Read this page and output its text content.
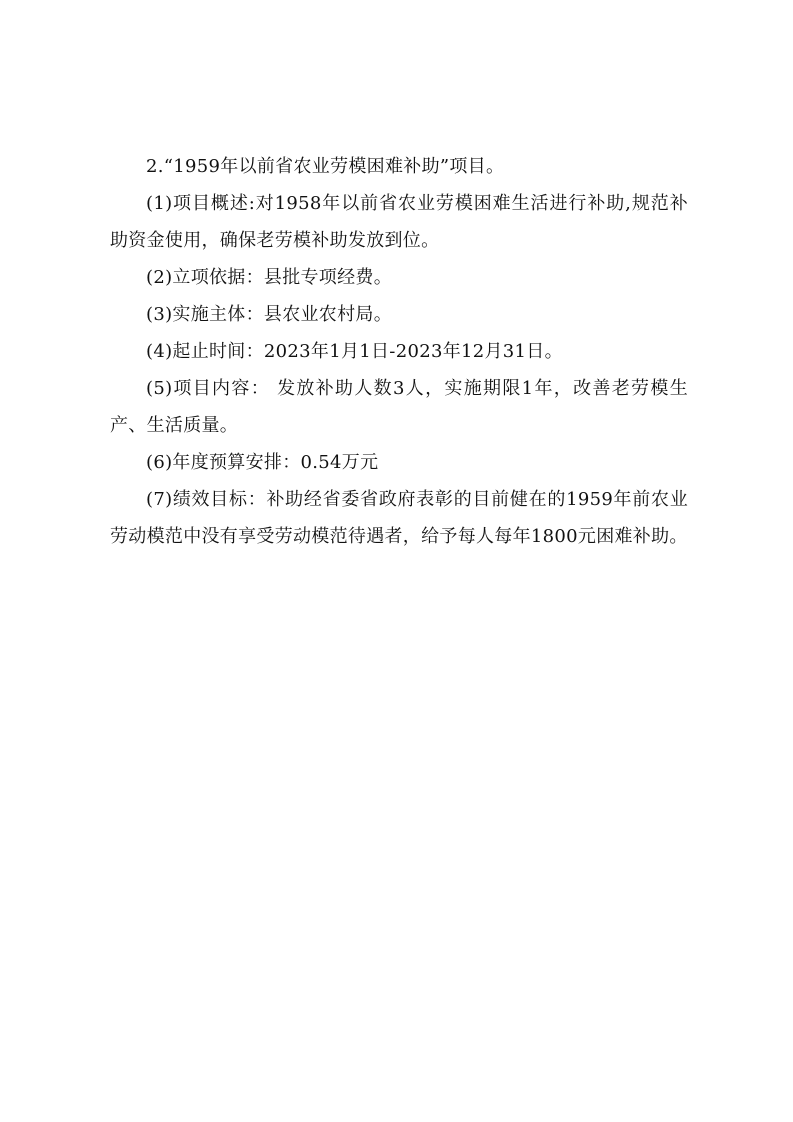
2.“1959年以前省农业劳模困难补助”项目。

(1)项目概述:对1958年以前省农业劳模困难生活进行补助,规范补助资金使用，确保老劳模补助发放到位。

(2)立项依据：县批专项经费。

(3)实施主体：县农业农村局。

(4)起止时间：2023年1月1日-2023年12月31日。

(5)项目内容： 发放补助人数3人，实施期限1年，改善老劳模生产、生活质量。

(6)年度预算安排：0.54万元

(7)绩效目标：补助经省委省政府表彰的目前健在的1959年前农业劳动模范中没有享受劳动模范待遇者，给予每人每年1800元困难补助。
